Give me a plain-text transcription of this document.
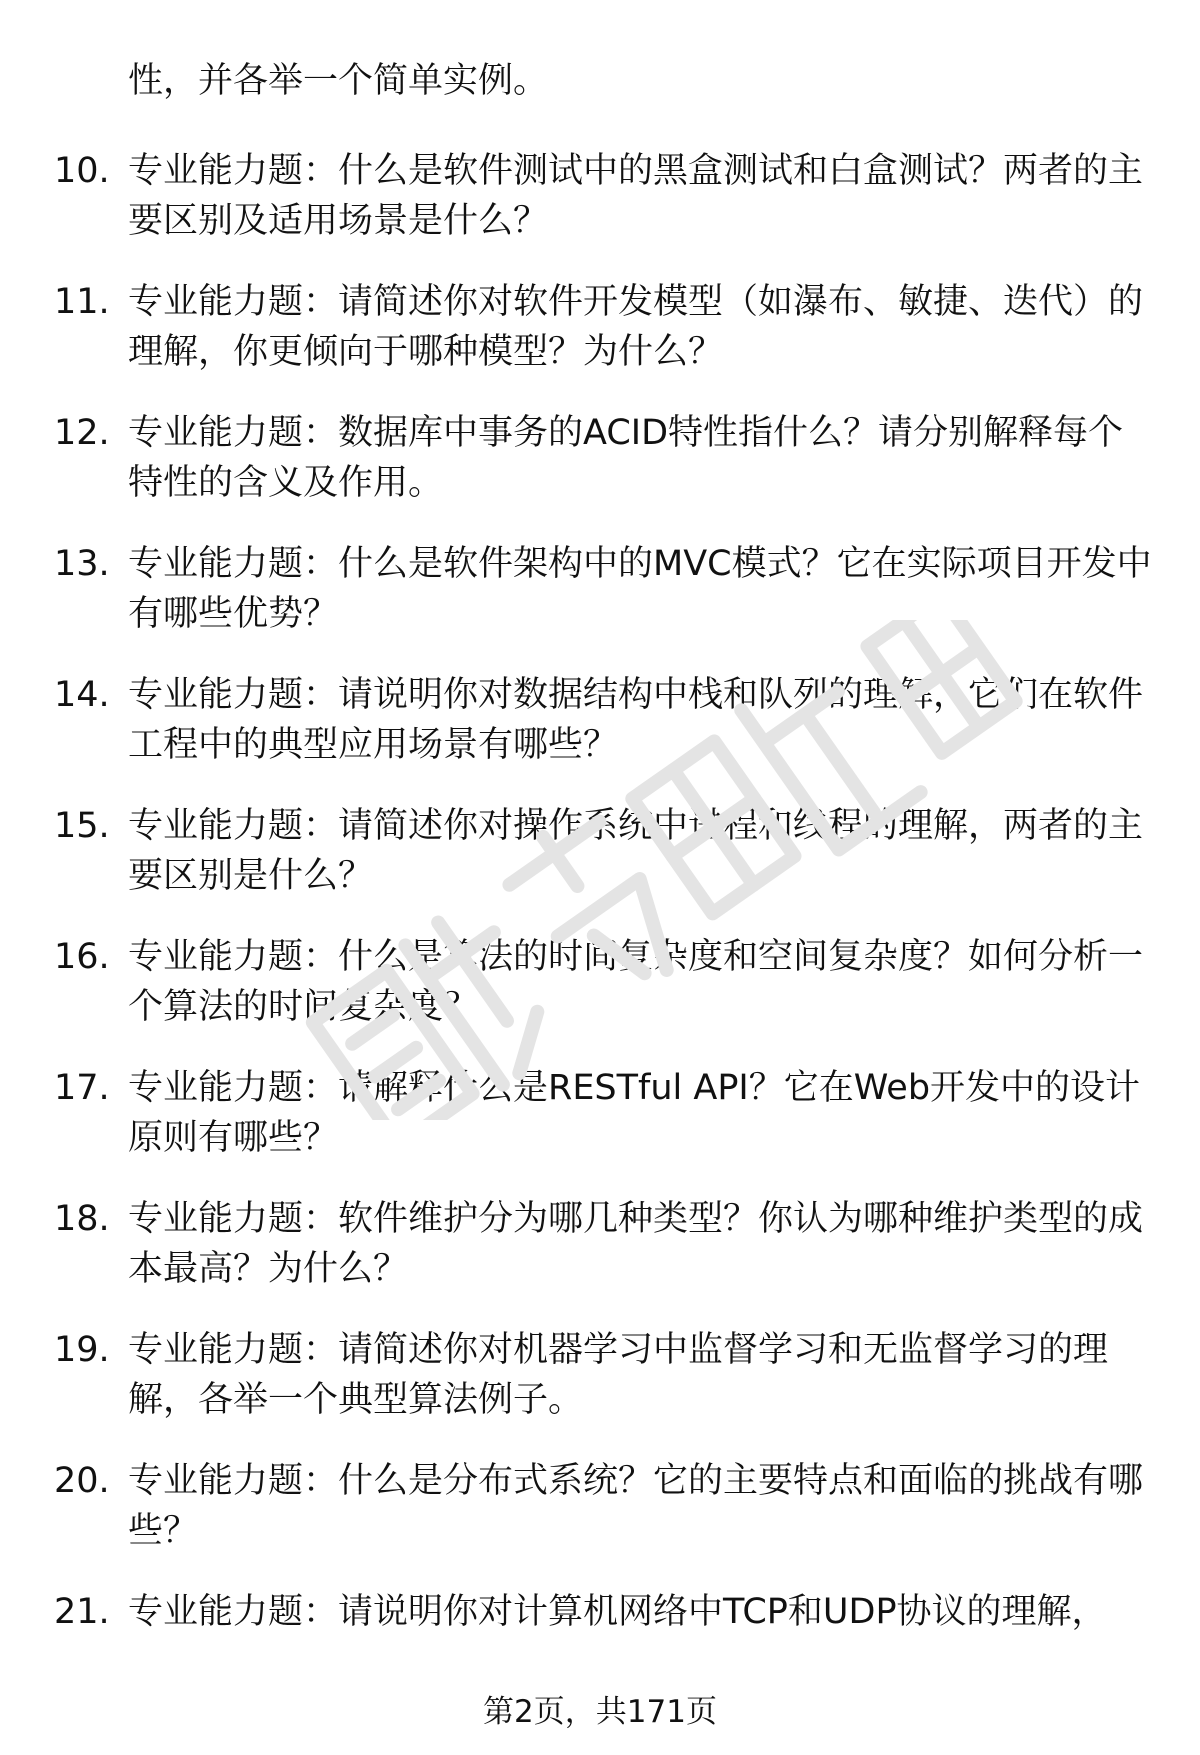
性，并各举一个简单实例。
10. 专业能力题：什么是软件测试中的黑盒测试和白盒测试？两者的主要区别及适用场景是什么？
11. 专业能力题：请简述你对软件开发模型（如瀑布、敏捷、迭代）的理解，你更倾向于哪种模型？为什么？
12. 专业能力题：数据库中事务的ACID特性指什么？请分别解释每个特性的含义及作用。
13. 专业能力题：什么是软件架构中的MVC模式？它在实际项目开发中有哪些优势？
14. 专业能力题：请说明你对数据结构中栈和队列的理解，它们在软件工程中的典型应用场景有哪些？
15. 专业能力题：请简述你对操作系统中进程和线程的理解，两者的主要区别是什么？
16. 专业能力题：什么是算法的时间复杂度和空间复杂度？如何分析一个算法的时间复杂度？
17. 专业能力题：请解释什么是RESTful API？它在Web开发中的设计原则有哪些？
18. 专业能力题：软件维护分为哪几种类型？你认为哪种维护类型的成本最高？为什么？
19. 专业能力题：请简述你对机器学习中监督学习和无监督学习的理解，各举一个典型算法例子。
20. 专业能力题：什么是分布式系统？它的主要特点和面临的挑战有哪些？
21. 专业能力题：请说明你对计算机网络中TCP和UDP协议的理解，
第2页，共171页
